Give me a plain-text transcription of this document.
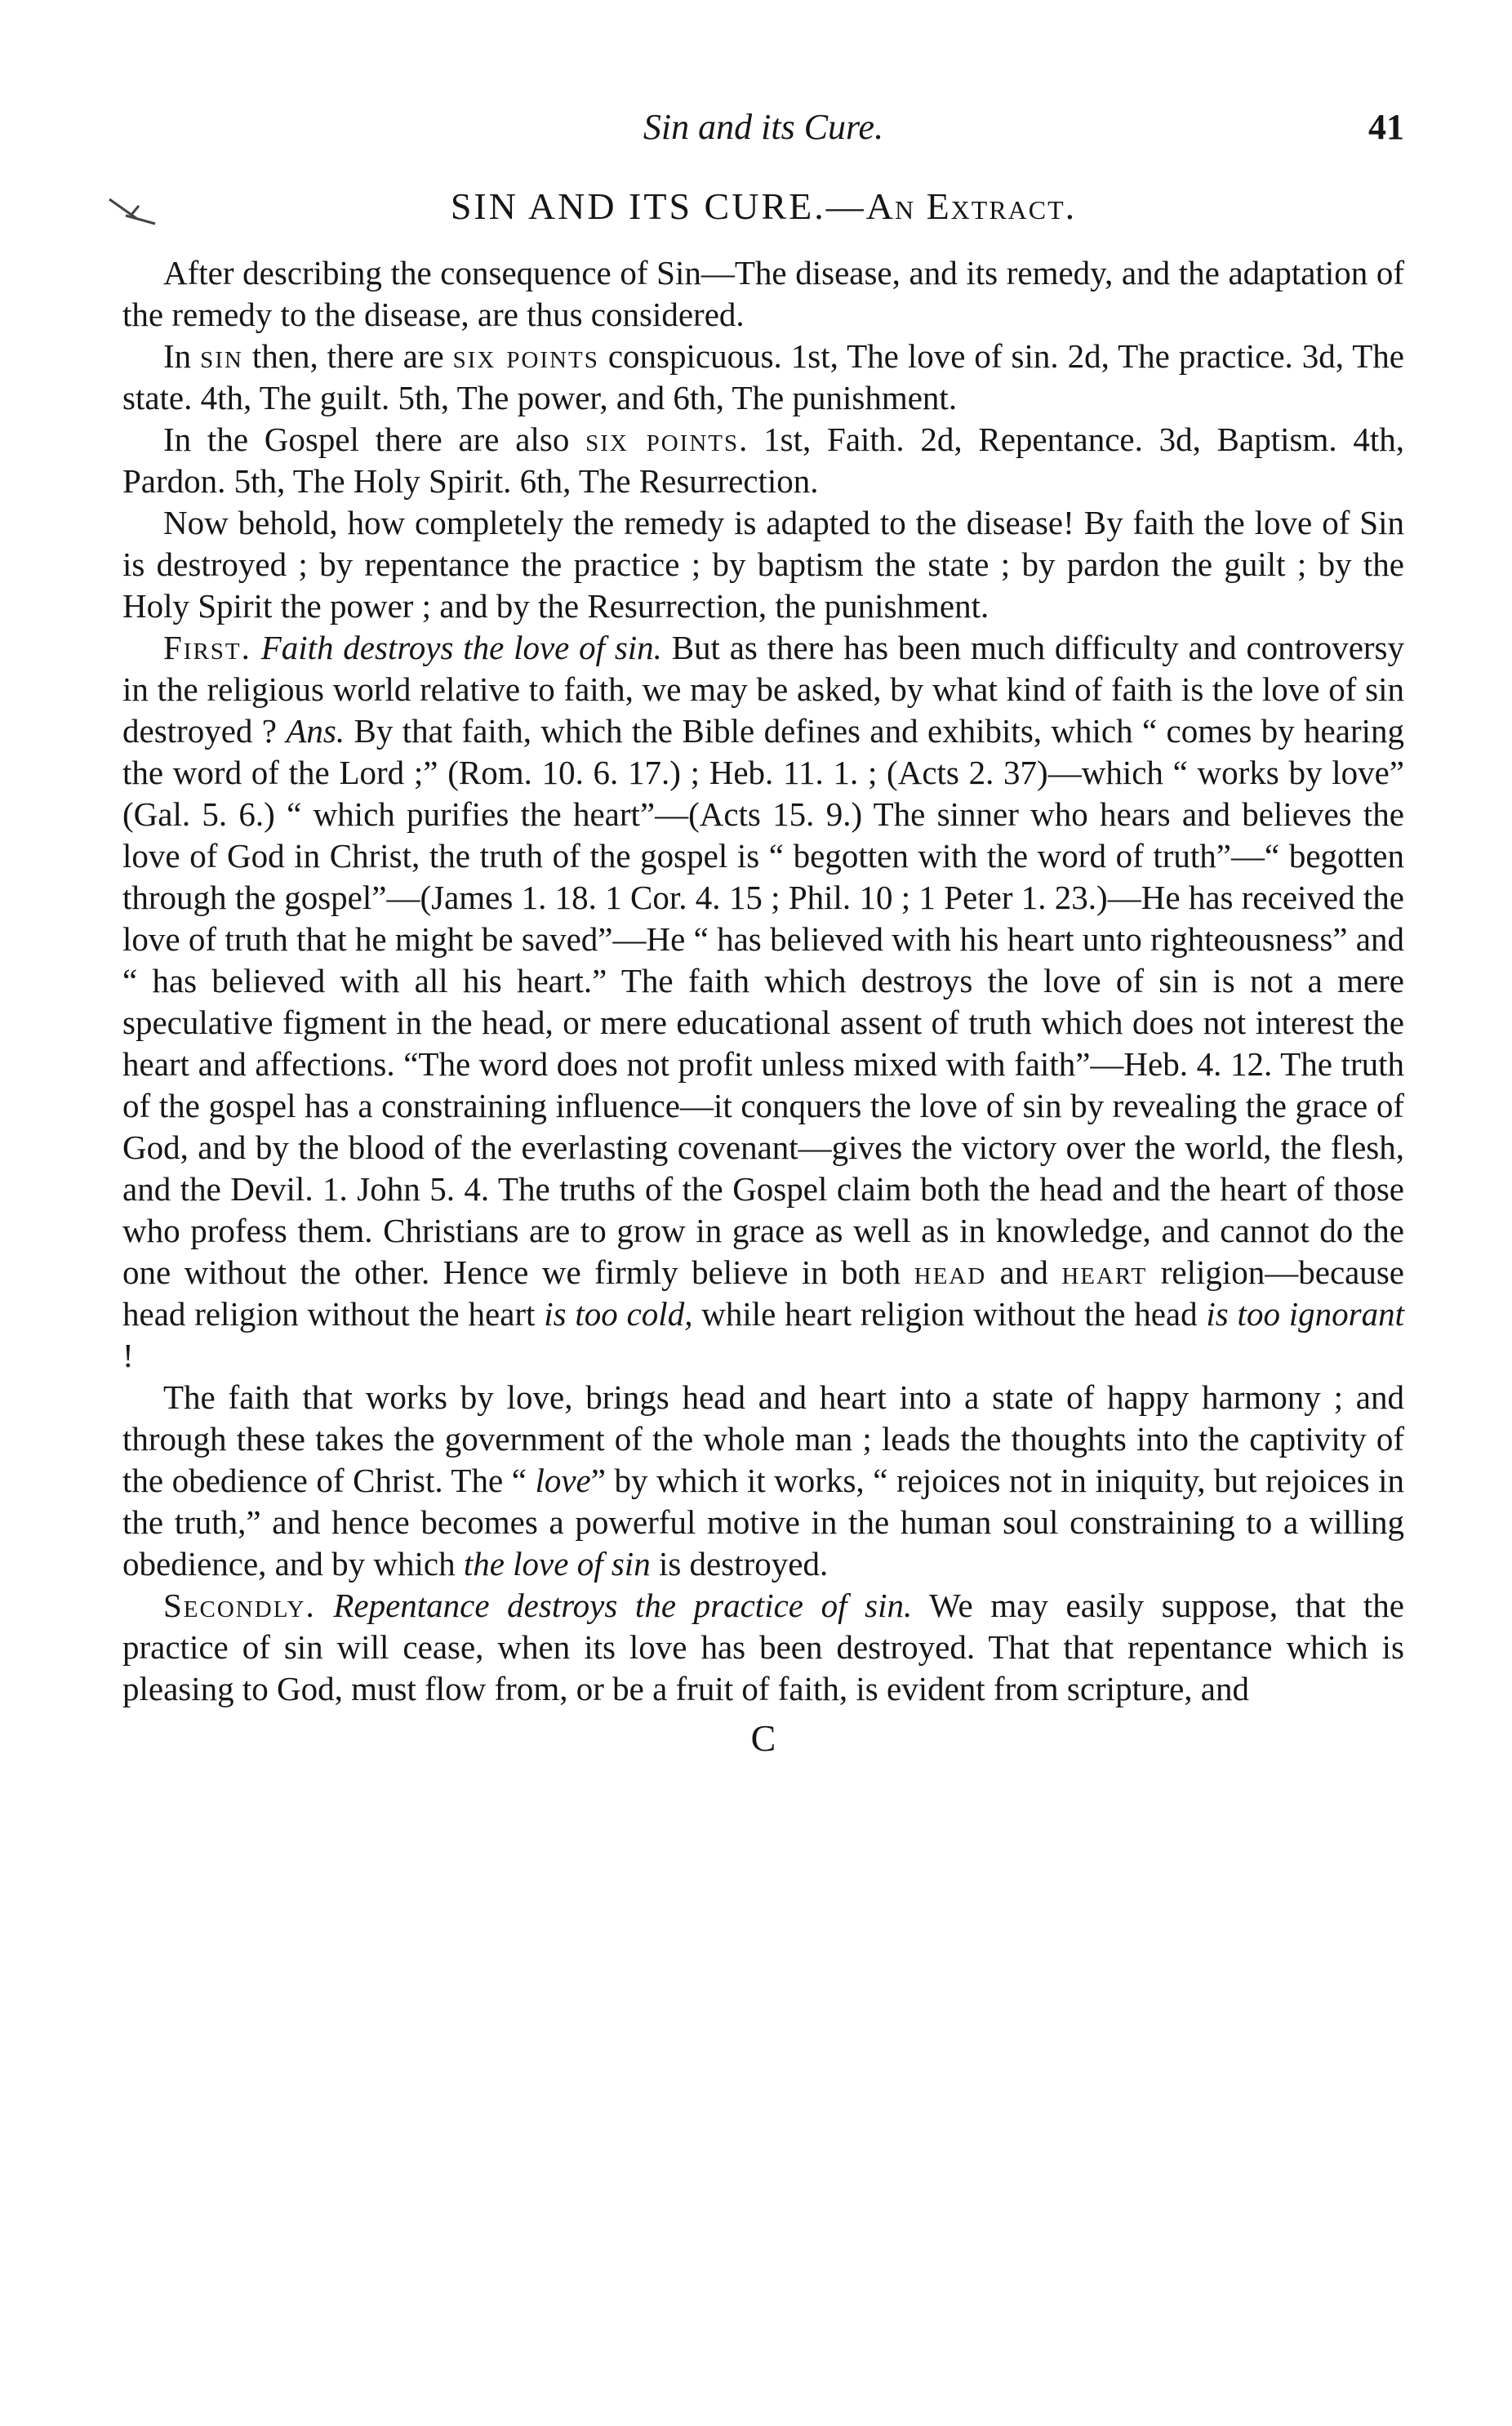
Sin and its Cure.	41
SIN AND ITS CURE.—An Extract.

After describing the consequence of Sin—The disease, and its remedy, and the adaptation of the remedy to the disease, are thus considered.

In sin then, there are six points conspicuous. 1st, The love of sin. 2d, The practice. 3d, The state. 4th, The guilt. 5th, The power, and 6th, The punishment.

In the Gospel there are also six points. 1st, Faith. 2d, Repentance. 3d, Baptism. 4th, Pardon. 5th, The Holy Spirit. 6th, The Resurrection.

Now behold, how completely the remedy is adapted to the disease! By faith the love of Sin is destroyed ; by repentance the practice ; by baptism the state ; by pardon the guilt ; by the Holy Spirit the power ; and by the Resurrection, the punishment.

First. Faith destroys the love of sin. But as there has been much difficulty and controversy in the religious world relative to faith, we may be asked, by what kind of faith is the love of sin destroyed ? Ans. By that faith, which the Bible defines and exhibits, which “ comes by hearing the word of the Lord ;” (Rom. 10. 6. 17.) ; Heb. 11. 1. ; (Acts 2. 37)—which “ works by love” (Gal. 5. 6.) “ which purifies the heart”—(Acts 15. 9.) The sinner who hears and believes the love of God in Christ, the truth of the gospel is “ begotten with the word of truth”—“ begotten through the gospel”—(James 1. 18. 1 Cor. 4. 15 ; Phil. 10 ; 1 Peter 1. 23.)—He has received the love of truth that he might be saved”—He “ has believed with his heart unto righteousness” and “ has believed with all his heart.” The faith which destroys the love of sin is not a mere speculative figment in the head, or mere educational assent of truth which does not interest the heart and affections. “The word does not profit unless mixed with faith”—Heb. 4. 12. The truth of the gospel has a constraining influence—it conquers the love of sin by revealing the grace of God, and by the blood of the everlasting covenant—gives the victory over the world, the flesh, and the Devil. 1. John 5. 4. The truths of the Gospel claim both the head and the heart of those who profess them. Christians are to grow in grace as well as in knowledge, and cannot do the one without the other. Hence we firmly believe in both head and heart religion—because head religion without the heart is too cold, while heart religion without the head is too ignorant !

The faith that works by love, brings head and heart into a state of happy harmony ; and through these takes the government of the whole man ; leads the thoughts into the captivity of the obedience of Christ. The “ love” by which it works, “ rejoices not in iniquity, but rejoices in the truth,” and hence becomes a powerful motive in the human soul constraining to a willing obedience, and by which the love of sin is destroyed.

Secondly. Repentance destroys the practice of sin. We may easily suppose, that the practice of sin will cease, when its love has been destroyed. That that repentance which is pleasing to God, must flow from, or be a fruit of faith, is evident from scripture, and

C
